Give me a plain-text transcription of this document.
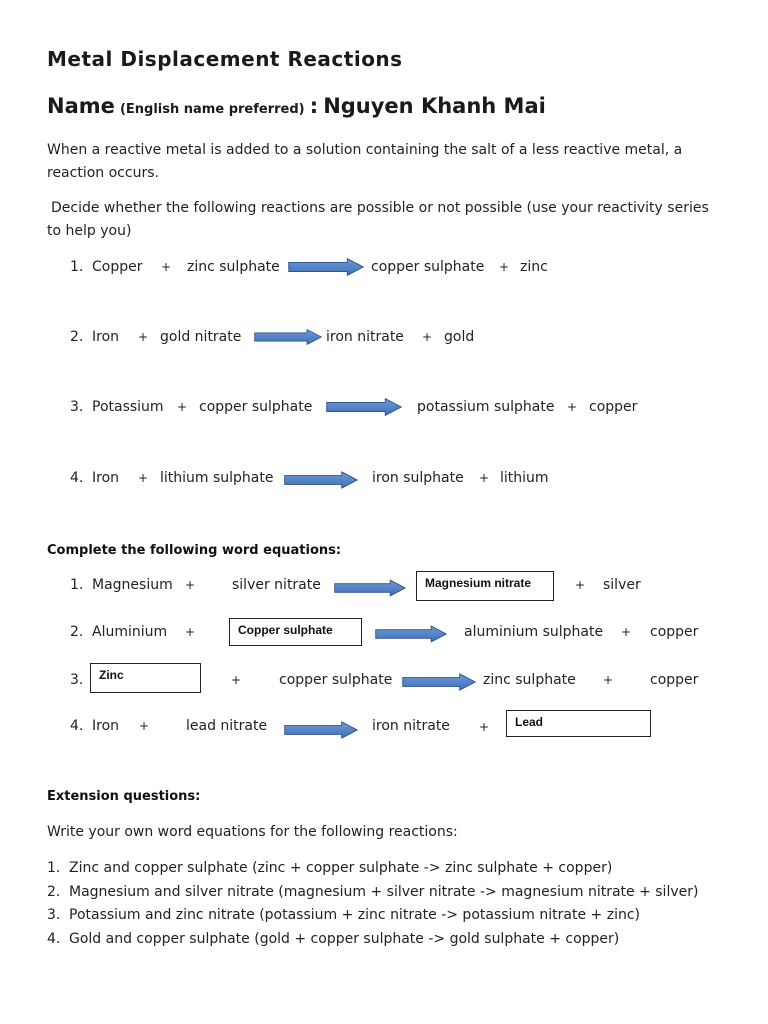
Metal Displacement Reactions
Name (English name preferred) : Nguyen Khanh Mai
When a reactive metal is added to a solution containing the salt of a less reactive metal, a reaction occurs.
Decide whether the following reactions are possible or not possible (use your reactivity series to help you)
1. Copper + zinc sulphate	copper sulphate + zinc
2. Iron + gold nitrate	iron nitrate + gold
3. Potassium + copper sulphate	potassium sulphate + copper
4. Iron + lithium sulphate	iron sulphate + lithium
Complete the following word equations:
1. Magnesium +	silver nitrate	Magnesium nitrate	+ silver
2. Aluminium +	Copper sulphate	aluminium sulphate + copper
3. Zinc	+	copper sulphate	zinc sulphate +	copper
4. Iron +	lead nitrate	iron nitrate + Lead
Extension questions:
Write your own word equations for the following reactions:
1. Zinc and copper sulphate (zinc + copper sulphate -> zinc sulphate + copper)
2. Magnesium and silver nitrate (magnesium + silver nitrate -> magnesium nitrate + silver)
3. Potassium and zinc nitrate (potassium + zinc nitrate -> potassium nitrate + zinc)
4. Gold and copper sulphate (gold + copper sulphate -> gold sulphate + copper)
